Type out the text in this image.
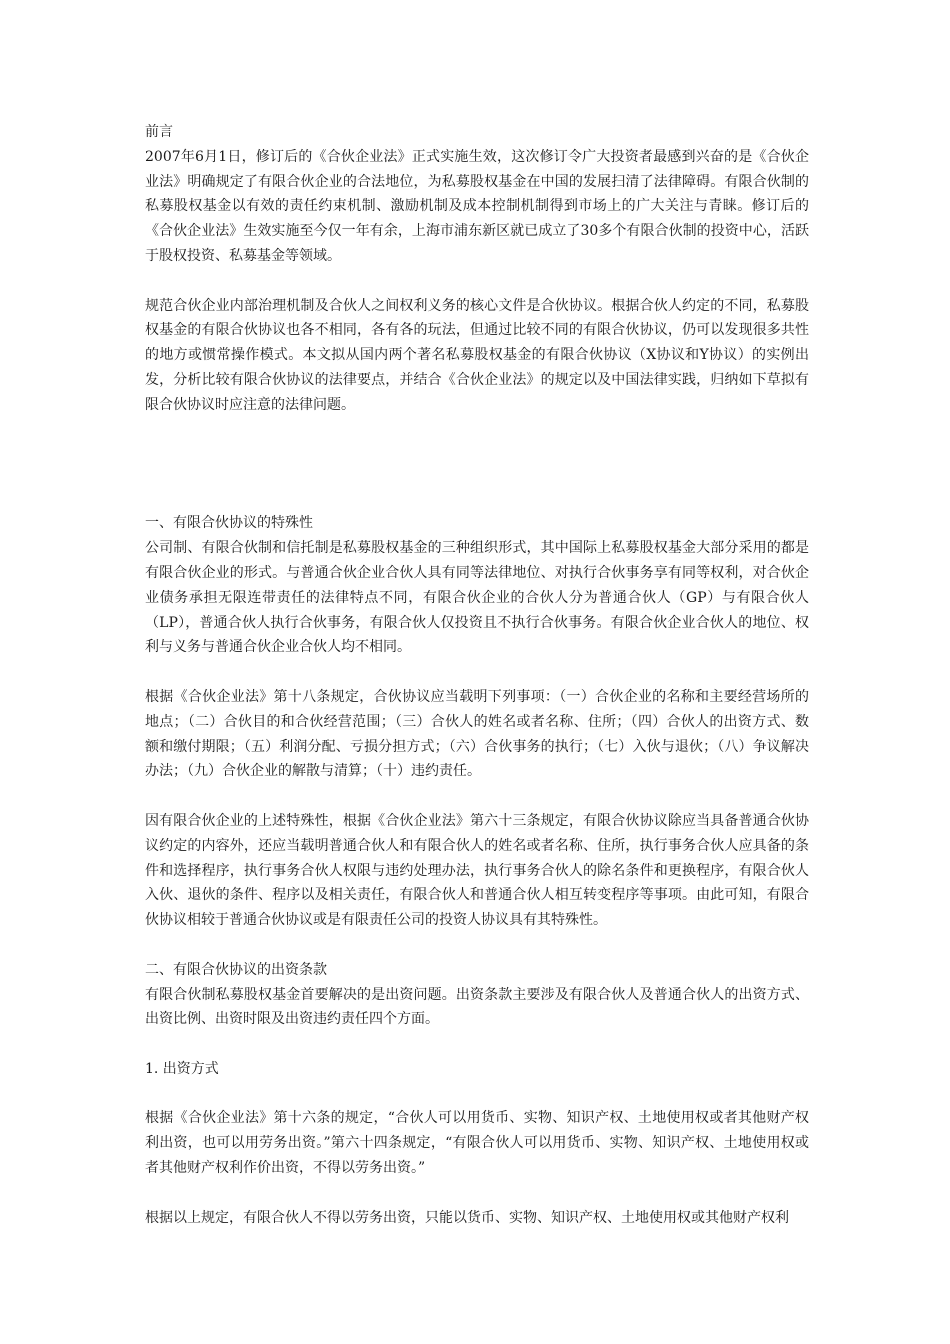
前言

2007年6月1日，修订后的《合伙企业法》正式实施生效，这次修订令广大投资者最感到兴奋的是《合伙企业法》明确规定了有限合伙企业的合法地位，为私募股权基金在中国的发展扫清了法律障碍。有限合伙制的私募股权基金以有效的责任约束机制、激励机制及成本控制机制得到市场上的广大关注与青睐。修订后的《合伙企业法》生效实施至今仅一年有余，上海市浦东新区就已成立了30多个有限合伙制的投资中心，活跃于股权投资、私募基金等领域。

规范合伙企业内部治理机制及合伙人之间权利义务的核心文件是合伙协议。根据合伙人约定的不同，私募股权基金的有限合伙协议也各不相同，各有各的玩法，但通过比较不同的有限合伙协议，仍可以发现很多共性的地方或惯常操作模式。本文拟从国内两个著名私募股权基金的有限合伙协议（X协议和Y协议）的实例出发，分析比较有限合伙协议的法律要点，并结合《合伙企业法》的规定以及中国法律实践，归纳如下草拟有限合伙协议时应注意的法律问题。

一、有限合伙协议的特殊性

公司制、有限合伙制和信托制是私募股权基金的三种组织形式，其中国际上私募股权基金大部分采用的都是有限合伙企业的形式。与普通合伙企业合伙人具有同等法律地位、对执行合伙事务享有同等权利，对合伙企业债务承担无限连带责任的法律特点不同，有限合伙企业的合伙人分为普通合伙人（GP）与有限合伙人（LP），普通合伙人执行合伙事务，有限合伙人仅投资且不执行合伙事务。有限合伙企业合伙人的地位、权利与义务与普通合伙企业合伙人均不相同。

根据《合伙企业法》第十八条规定，合伙协议应当载明下列事项：（一）合伙企业的名称和主要经营场所的地点；（二）合伙目的和合伙经营范围；（三）合伙人的姓名或者名称、住所；（四）合伙人的出资方式、数额和缴付期限；（五）利润分配、亏损分担方式；（六）合伙事务的执行；（七）入伙与退伙；（八）争议解决办法；（九）合伙企业的解散与清算；（十）违约责任。

因有限合伙企业的上述特殊性，根据《合伙企业法》第六十三条规定，有限合伙协议除应当具备普通合伙协议约定的内容外，还应当载明普通合伙人和有限合伙人的姓名或者名称、住所，执行事务合伙人应具备的条件和选择程序，执行事务合伙人权限与违约处理办法，执行事务合伙人的除名条件和更换程序，有限合伙人入伙、退伙的条件、程序以及相关责任，有限合伙人和普通合伙人相互转变程序等事项。由此可知，有限合伙协议相较于普通合伙协议或是有限责任公司的投资人协议具有其特殊性。

二、有限合伙协议的出资条款

有限合伙制私募股权基金首要解决的是出资问题。出资条款主要涉及有限合伙人及普通合伙人的出资方式、出资比例、出资时限及出资违约责任四个方面。

1. 出资方式

根据《合伙企业法》第十六条的规定，“合伙人可以用货币、实物、知识产权、土地使用权或者其他财产权利出资，也可以用劳务出资。”第六十四条规定，“有限合伙人可以用货币、实物、知识产权、土地使用权或者其他财产权利作价出资，不得以劳务出资。”

根据以上规定，有限合伙人不得以劳务出资，只能以货币、实物、知识产权、土地使用权或其他财产权利
